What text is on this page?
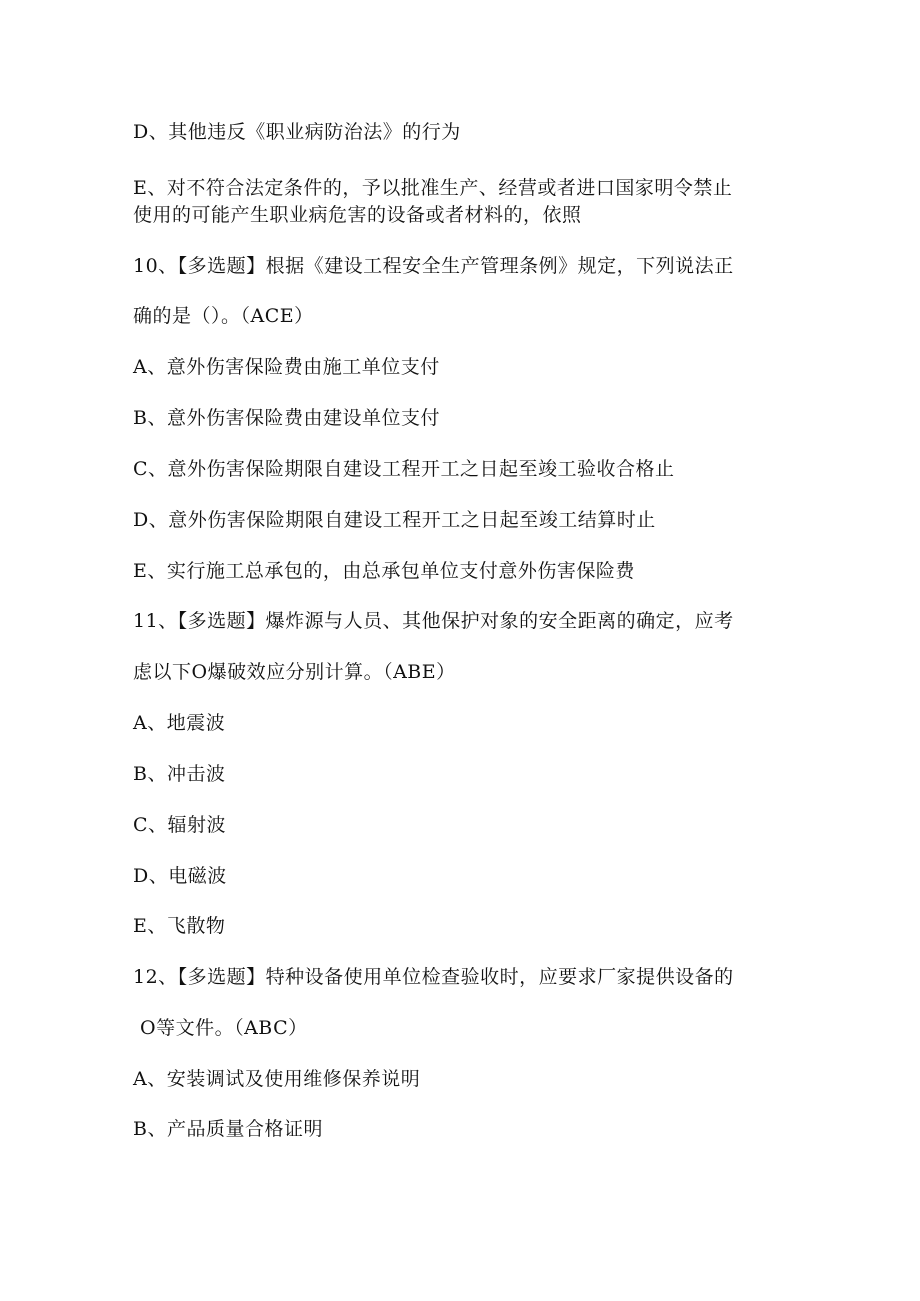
D、其他违反《职业病防治法》的行为
E、对不符合法定条件的，予以批准生产、经营或者进口国家明令禁止
使用的可能产生职业病危害的设备或者材料的，依照
10、【多选题】根据《建设工程安全生产管理条例》规定，下列说法正
确的是（）。（ACE）
A、意外伤害保险费由施工单位支付
B、意外伤害保险费由建设单位支付
C、意外伤害保险期限自建设工程开工之日起至竣工验收合格止
D、意外伤害保险期限自建设工程开工之日起至竣工结算时止
E、实行施工总承包的，由总承包单位支付意外伤害保险费
11、【多选题】爆炸源与人员、其他保护对象的安全距离的确定，应考
虑以下O爆破效应分别计算。（ABE）
A、地震波
B、冲击波
C、辐射波
D、电磁波
E、飞散物
12、【多选题】特种设备使用单位检查验收时，应要求厂家提供设备的
O等文件。（ABC）
A、安装调试及使用维修保养说明
B、产品质量合格证明
